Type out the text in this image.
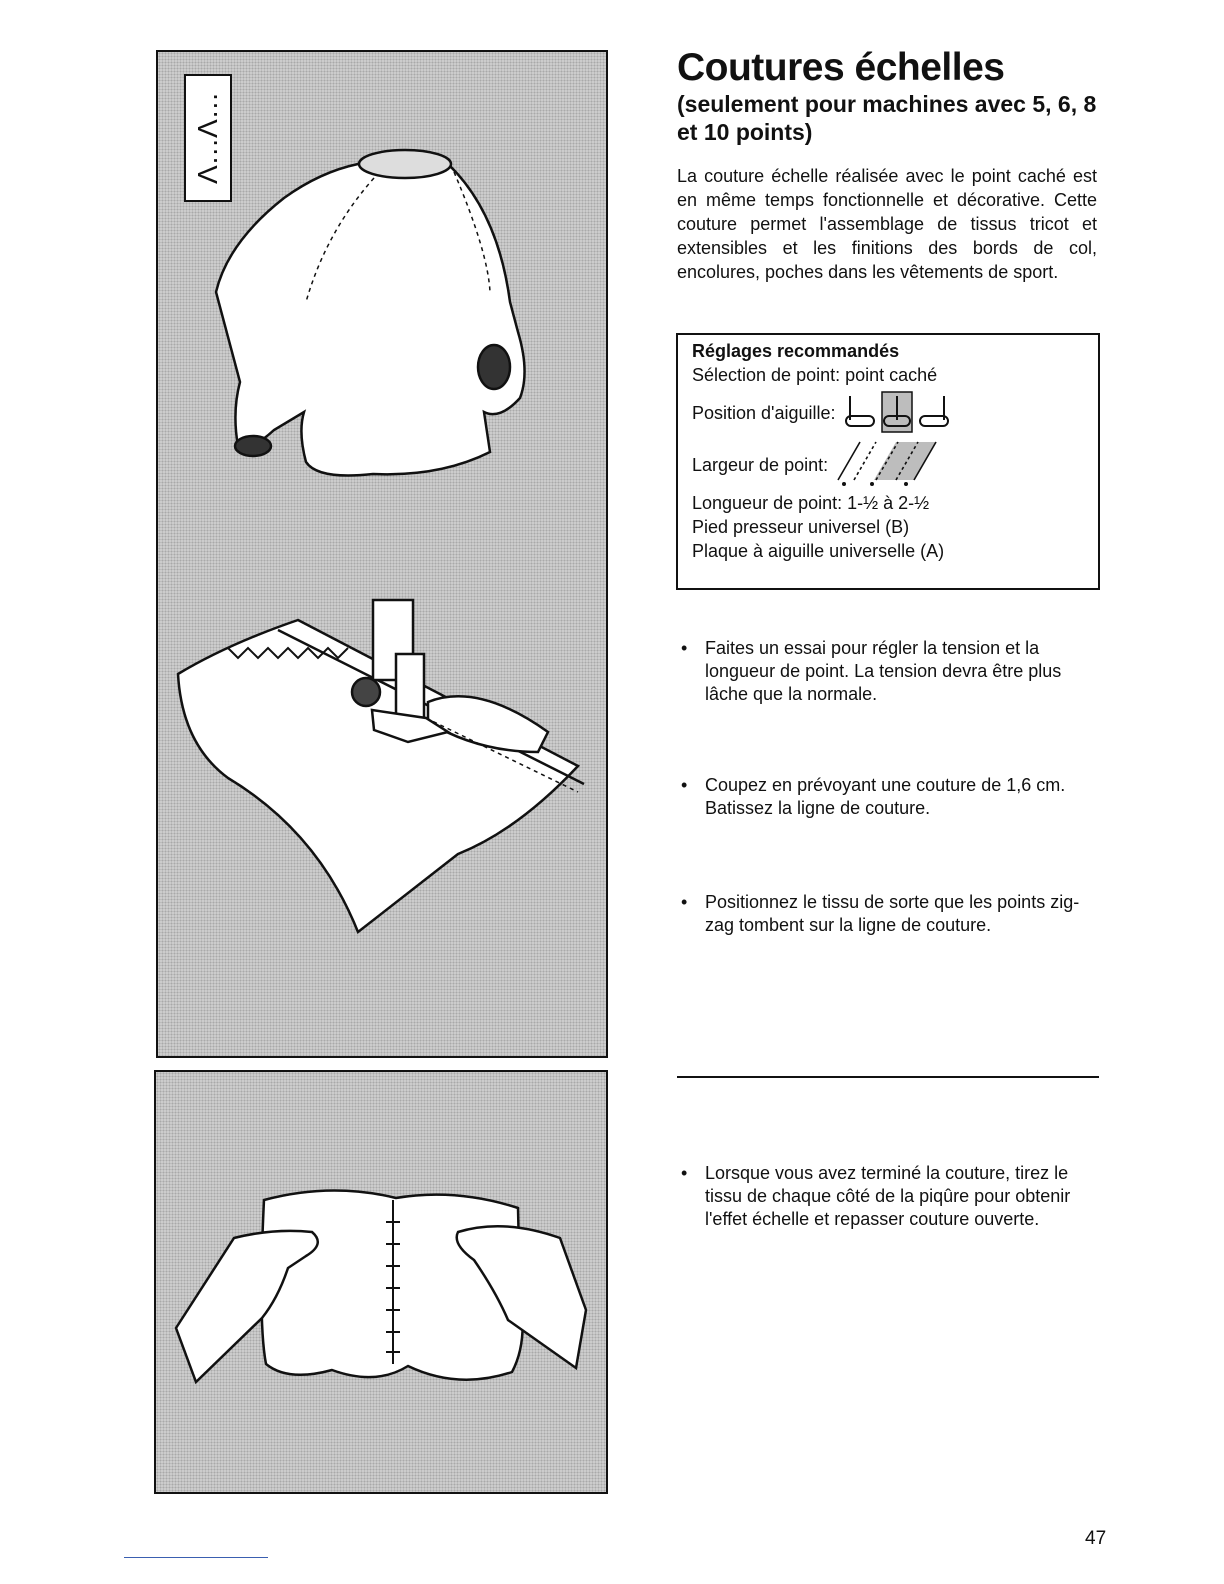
Λ...Λ...
Coutures échelles
(seulement pour machines avec 5, 6, 8 et 10 points)

La couture échelle réalisée avec le point caché est en même temps fonctionnelle et décorative. Cette couture permet l'assemblage de tissus tricot et extensibles et les finitions des bords de col, encolures, poches dans les vêtements de sport.

Réglages recommandés
Sélection de point: point caché
Position d'aiguille:
Largeur de point:
Longueur de point: 1-½ à 2-½
Pied presseur universel (B)
Plaque à aiguille universelle (A)

• Faites un essai pour régler la tension et la longueur de point. La tension devra être plus lâche que la normale.

• Coupez en prévoyant une couture de 1,6 cm. Batissez la ligne de couture.

• Positionnez le tissu de sorte que les points zig-zag tombent sur la ligne de couture.

• Lorsque vous avez terminé la couture, tirez le tissu de chaque côté de la piqûre pour obtenir l'effet échelle et repasser couture ouverte.

47
